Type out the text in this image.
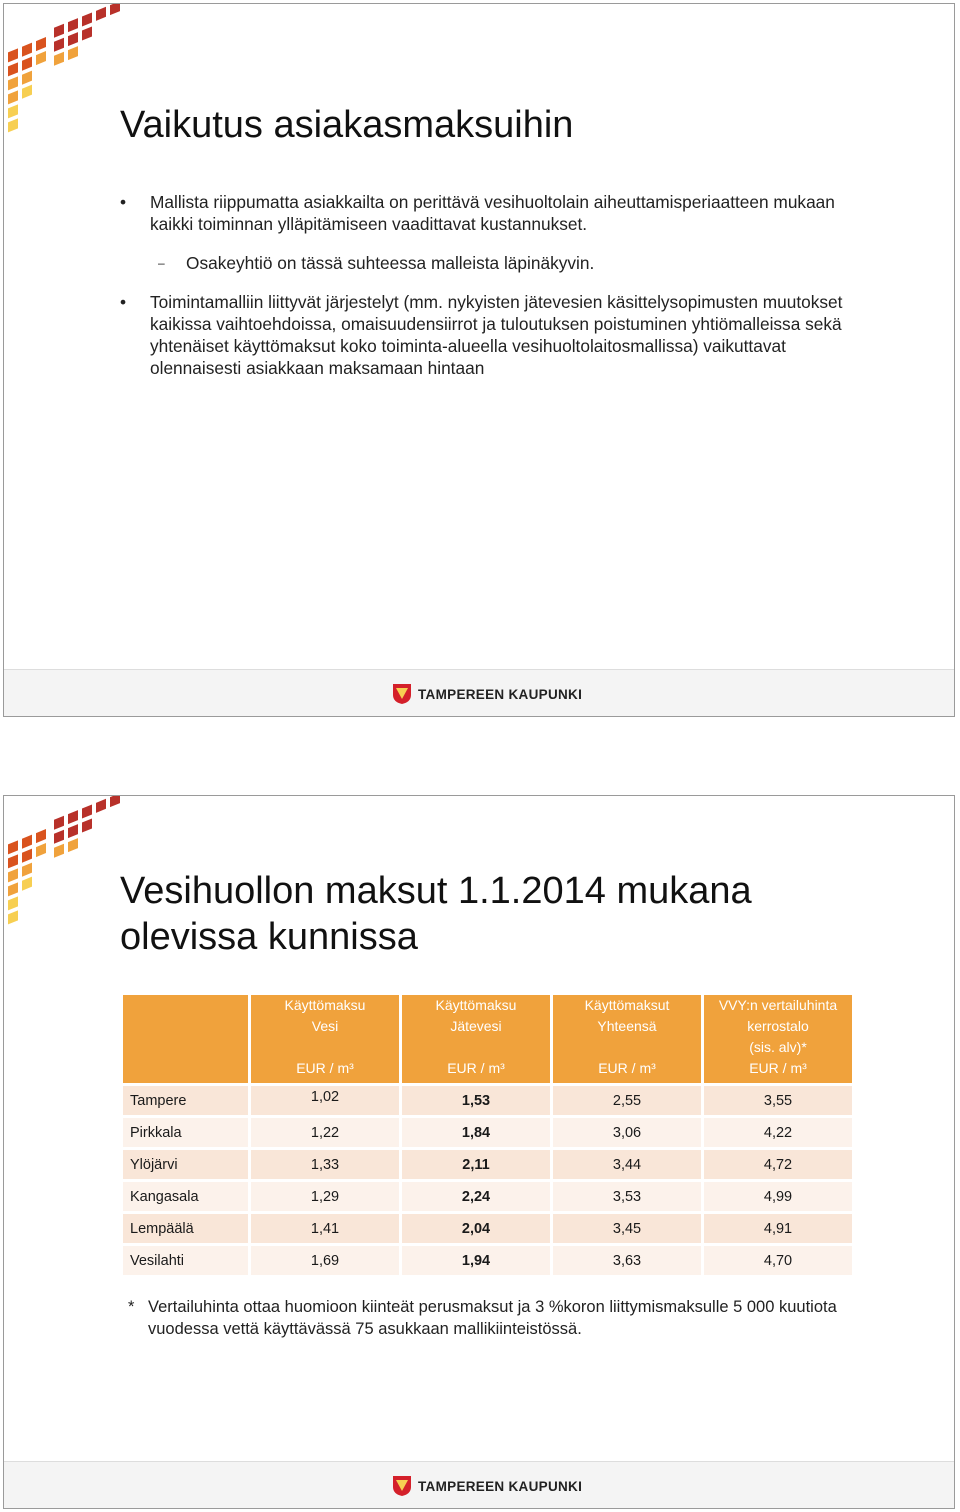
Vaikutus asiakasmaksuihin

• Mallista riippumatta asiakkailta on perittävä vesihuoltolain aiheuttamisperiaatteen mukaan kaikki toiminnan ylläpitämiseen vaadittavat kustannukset.

– Osakeyhtiö on tässä suhteessa malleista läpinäkyvin.

• Toimintamalliin liittyvät järjestelyt (mm. nykyisten jätevesien käsittelysopimusten muutokset kaikissa vaihtoehdoissa, omaisuudensiirrot ja tuloutuksen poistuminen yhtiömalleissa sekä yhtenäiset käyttömaksut koko toiminta-alueella vesihuoltolaitosmallissa) vaikuttavat olennaisesti asiakkaan maksamaan hintaan

TAMPEREEN KAUPUNKI
Vesihuollon maksut 1.1.2014 mukana
olevissa kunnissa
	Käyttömaksu
Vesi
EUR / m³	Käyttömaksu
Jätevesi
EUR / m³	Käyttömaksut
Yhteensä
EUR / m³	VVY:n vertailuhinta
kerrostalo
(sis. alv)*
EUR / m³

Tampere	1,02	1,53	2,55	3,55
Pirkkala	1,22	1,84	3,06	4,22
Ylöjärvi	1,33	2,11	3,44	4,72
Kangasala	1,29	2,24	3,53	4,99
Lempäälä	1,41	2,04	3,45	4,91
Vesilahti	1,69	1,94	3,63	4,70
* Vertailuhinta ottaa huomioon kiinteät perusmaksut ja 3 %koron liittymismaksulle 5 000 kuutiota vuodessa vettä käyttävässä 75 asukkaan mallikiinteistössä.
TAMPEREEN KAUPUNKI
